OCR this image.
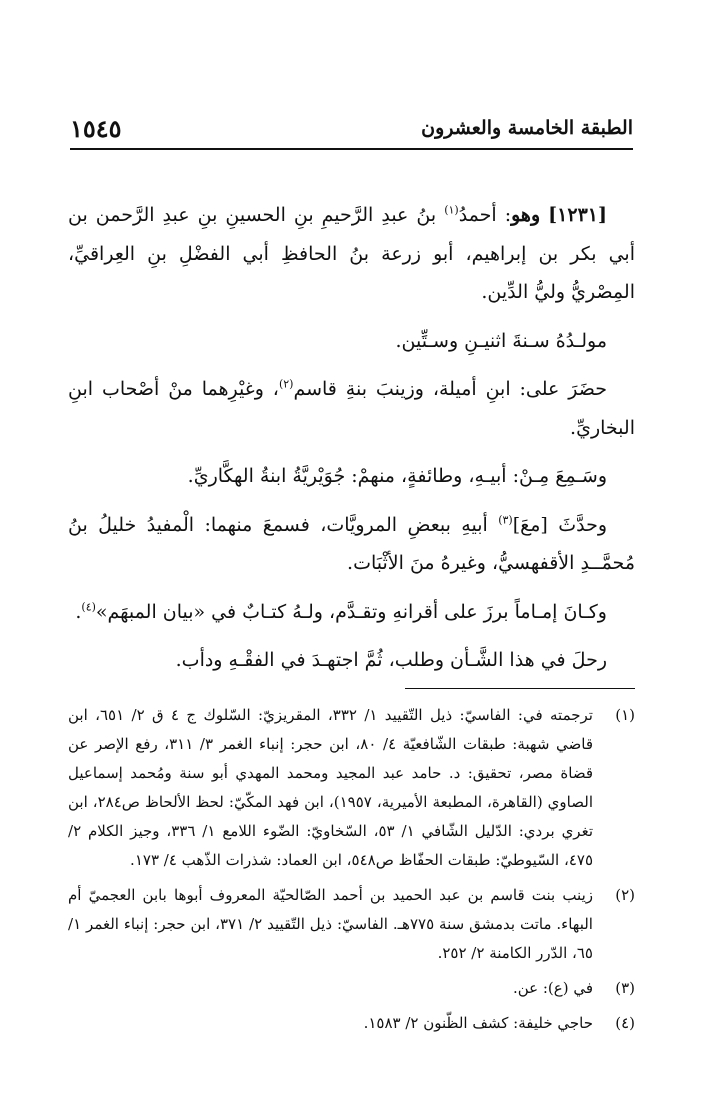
الطبقة الخامسة والعشرون
١٥٤٥

[١٢٣١] وهو: أحمدُ$^{(١)}$ بنُ عبدِ الرَّحيمِ بنِ الحسينِ بنِ عبدِ الرَّحمن بن أبي بكر بن إبراهيم، أبو زرعة بنُ الحافظِ أبي الفضْلِ بنِ العِراقيِّ، المِصْريُّ وليُّ الدِّين.

مولـدُهُ سـنةَ اثنيـنِ وسـتِّين.

حضَرَ على: ابنِ أميلة، وزينبَ بنةِ قاسم$^{(٢)}$، وغيْرِهما منْ أصْحاب ابنِ البخاريِّ.

وسَـمِعَ مِـنْ: أبيـهِ، وطائفةٍ، منهمْ: جُوَيْريَّةُ ابنةُ الهكَّاريِّ.

وحدَّثَ [معَ]$^{(٣)}$ أبيهِ ببعضِ المرويَّات، فسمعَ منهما: الْمفيدُ خليلُ بنُ مُحمَّــدِ الأقفهسيُّ، وغيرهُ منَ الأثْبَات.

وكـانَ إمـاماً برزَ على أقرانهِ وتقـدَّم، ولـهُ كتـابٌ في «بيان المبهَم»$^{(٤)}$.

رحلَ في هذا الشَّـأن وطلب، ثُمَّ اجتهـدَ في الفقْـهِ ودأب.

(١)
ترجمته في: الفاسيّ: ذيل التّقييد ١/ ٣٣٢، المقريزيّ: السّلوك ج ٤ ق ٢/ ٦٥١، ابن قاضي شهبة: طبقات الشّافعيّة ٤/ ٨٠، ابن حجر: إنباء الغمر ٣/ ٣١١، رفع الإصر عن قضاة مصر، تحقيق: د. حامد عبد المجيد ومحمد المهدي أبو سنة ومُحمد إسماعيل الصاوي (القاهرة، المطبعة الأميرية، ١٩٥٧)، ابن فهد المكّيّ: لحظ الألحاظ ص٢٨٤، ابن تغري بردي: الدّليل الشّافي ١/ ٥٣، السّخاويّ: الضّوء اللامع ١/ ٣٣٦، وجيز الكلام ٢/ ٤٧٥، السّيوطيّ: طبقات الحفّاظ ص٥٤٨، ابن العماد: شذرات الذّهب ٤/ ١٧٣.
(٢)
زينب بنت قاسم بن عبد الحميد بن أحمد الصّالحيّة المعروف أبوها بابن العجميّ أم البهاء. ماتت بدمشق سنة ٧٧٥هـ. الفاسيّ: ذيل التّقييد ٢/ ٣٧١، ابن حجر: إنباء الغمر ١/ ٦٥، الدّرر الكامنة ٢/ ٢٥٢.
(٣)
في (ع): عن.
(٤)
حاجي خليفة: كشف الظّنون ٢/ ١٥٨٣.
